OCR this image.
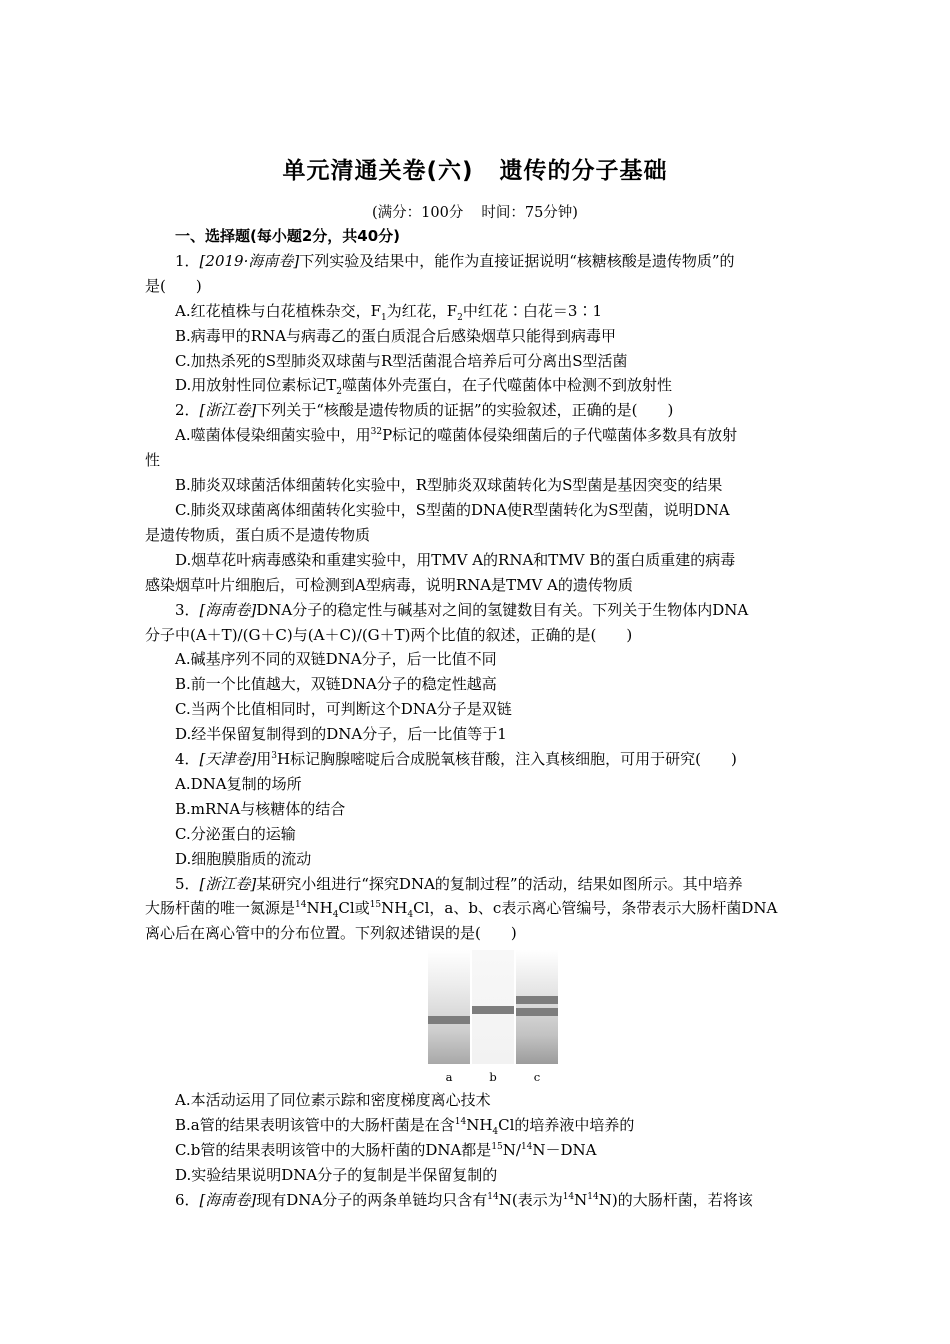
单元清通关卷(六) 遗传的分子基础
(满分：100分 时间：75分钟)
一、选择题(每小题2分，共40分)
1．[2019·海南卷]下列实验及结果中，能作为直接证据说明“核糖核酸是遗传物质”的
是(　　)
A.红花植株与白花植株杂交，$F_1$为红花，$F_2$中红花∶白花＝3∶1
B.病毒甲的RNA与病毒乙的蛋白质混合后感染烟草只能得到病毒甲
C.加热杀死的S型肺炎双球菌与R型活菌混合培养后可分离出S型活菌
D.用放射性同位素标记$T_2$噬菌体外壳蛋白，在子代噬菌体中检测不到放射性
2．[浙江卷]下列关于“核酸是遗传物质的证据”的实验叙述，正确的是(　　)
A.噬菌体侵染细菌实验中，用$^{32}$P标记的噬菌体侵染细菌后的子代噬菌体多数具有放射
性
B.肺炎双球菌活体细菌转化实验中，R型肺炎双球菌转化为S型菌是基因突变的结果
C.肺炎双球菌离体细菌转化实验中，S型菌的DNA使R型菌转化为S型菌，说明DNA
是遗传物质，蛋白质不是遗传物质
D.烟草花叶病毒感染和重建实验中，用TMV A的RNA和TMV B的蛋白质重建的病毒
感染烟草叶片细胞后，可检测到A型病毒，说明RNA是TMV A的遗传物质
3．[海南卷]DNA分子的稳定性与碱基对之间的氢键数目有关。下列关于生物体内DNA
分子中(A＋T)/(G＋C)与(A＋C)/(G＋T)两个比值的叙述，正确的是(　　)
A.碱基序列不同的双链DNA分子，后一比值不同
B.前一个比值越大，双链DNA分子的稳定性越高
C.当两个比值相同时，可判断这个DNA分子是双链
D.经半保留复制得到的DNA分子，后一比值等于1
4．[天津卷]用$^3$H标记胸腺嘧啶后合成脱氧核苷酸，注入真核细胞，可用于研究(　　)
A.DNA复制的场所
B.mRNA与核糖体的结合
C.分泌蛋白的运输
D.细胞膜脂质的流动
5．[浙江卷]某研究小组进行“探究DNA的复制过程”的活动，结果如图所示。其中培养
大肠杆菌的唯一氮源是$^{14}NH_4Cl$或$^{15}NH_4Cl$，a、b、c表示离心管编号，条带表示大肠杆菌DNA
离心后在离心管中的分布位置。下列叙述错误的是(　　)
a	b	c
A.本活动运用了同位素示踪和密度梯度离心技术
B.a管的结果表明该管中的大肠杆菌是在含$^{14}NH_4Cl$的培养液中培养的
C.b管的结果表明该管中的大肠杆菌的DNA都是$^{15}$N/$^{14}$N－DNA
D.实验结果说明DNA分子的复制是半保留复制的
6．[海南卷]现有DNA分子的两条单链均只含有$^{14}$N(表示为$^{14}N^{14}N$)的大肠杆菌，若将该
